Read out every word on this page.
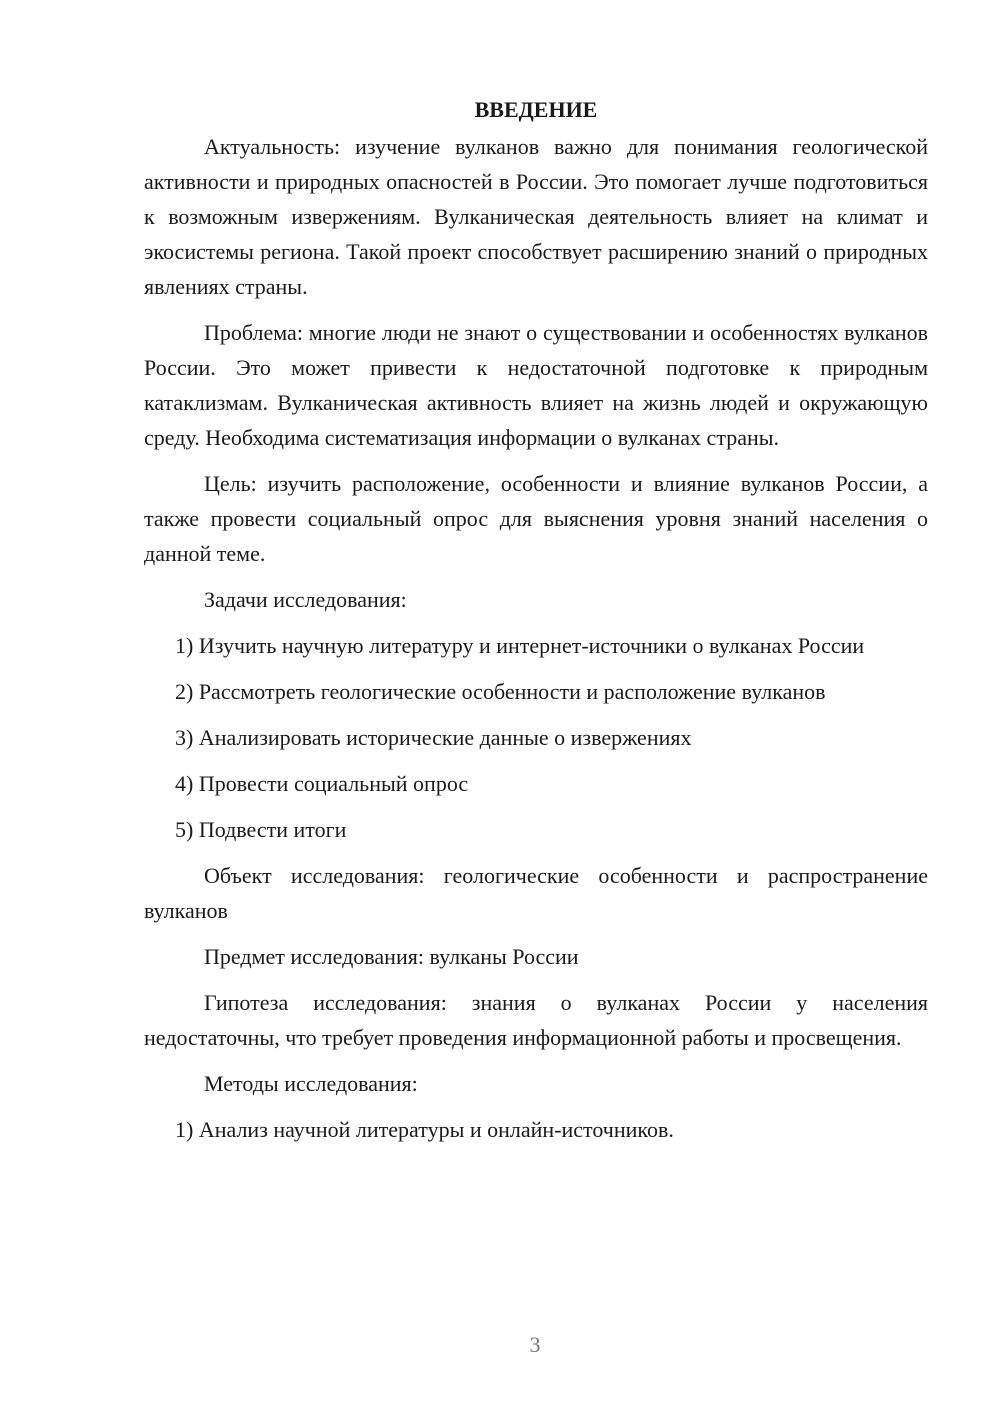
ВВЕДЕНИЕ

Актуальность: изучение вулканов важно для понимания геологической активности и природных опасностей в России. Это помогает лучше подготовиться к возможным извержениям. Вулканическая деятельность влияет на климат и экосистемы региона. Такой проект способствует расширению знаний о природных явлениях страны.

Проблема: многие люди не знают о существовании и особенностях вулканов России. Это может привести к недостаточной подготовке к природным катаклизмам. Вулканическая активность влияет на жизнь людей и окружающую среду. Необходима систематизация информации о вулканах страны.

Цель: изучить расположение, особенности и влияние вулканов России, а также провести социальный опрос для выяснения уровня знаний населения о данной теме.

Задачи исследования:

1) Изучить научную литературу и интернет-источники о вулканах России

2) Рассмотреть геологические особенности и расположение вулканов

3) Анализировать исторические данные о извержениях

4) Провести социальный опрос

5) Подвести итоги

Объект исследования: геологические особенности и распространение вулканов

Предмет исследования: вулканы России

Гипотеза исследования: знания о вулканах России у населения недостаточны, что требует проведения информационной работы и просвещения.

Методы исследования:

1) Анализ научной литературы и онлайн-источников.

3
